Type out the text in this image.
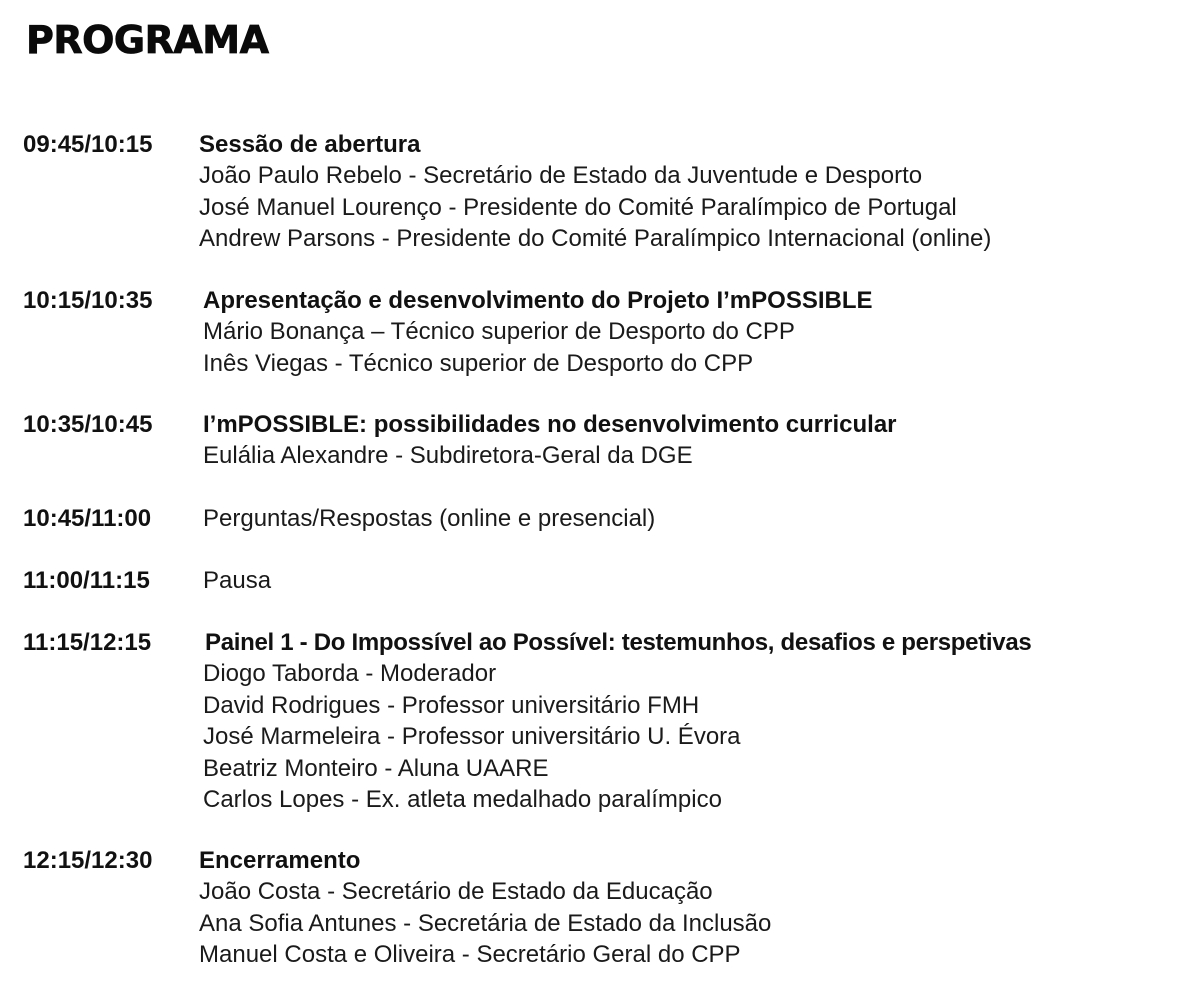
PROGRAMA
09:45/10:15 Sessão de abertura
João Paulo Rebelo - Secretário de Estado da Juventude e Desporto
José Manuel Lourenço - Presidente do Comité Paralímpico de Portugal
Andrew Parsons - Presidente do Comité Paralímpico Internacional (online)
10:15/10:35 Apresentação e desenvolvimento do Projeto I’mPOSSIBLE
Mário Bonança – Técnico superior de Desporto do CPP
Inês Viegas - Técnico superior de Desporto do CPP
10:35/10:45 I’mPOSSIBLE: possibilidades no desenvolvimento curricular
Eulália Alexandre - Subdiretora-Geral da DGE
10:45/11:00 Perguntas/Respostas (online e presencial)
11:00/11:15 Pausa
11:15/12:15 Painel 1 - Do Impossível ao Possível: testemunhos, desafios e perspetivas
Diogo Taborda - Moderador
David Rodrigues - Professor universitário FMH
José Marmeleira - Professor universitário U. Évora
Beatriz Monteiro - Aluna UAARE
Carlos Lopes - Ex. atleta medalhado paralímpico
12:15/12:30 Encerramento
João Costa - Secretário de Estado da Educação
Ana Sofia Antunes - Secretária de Estado da Inclusão
Manuel Costa e Oliveira - Secretário Geral do CPP
